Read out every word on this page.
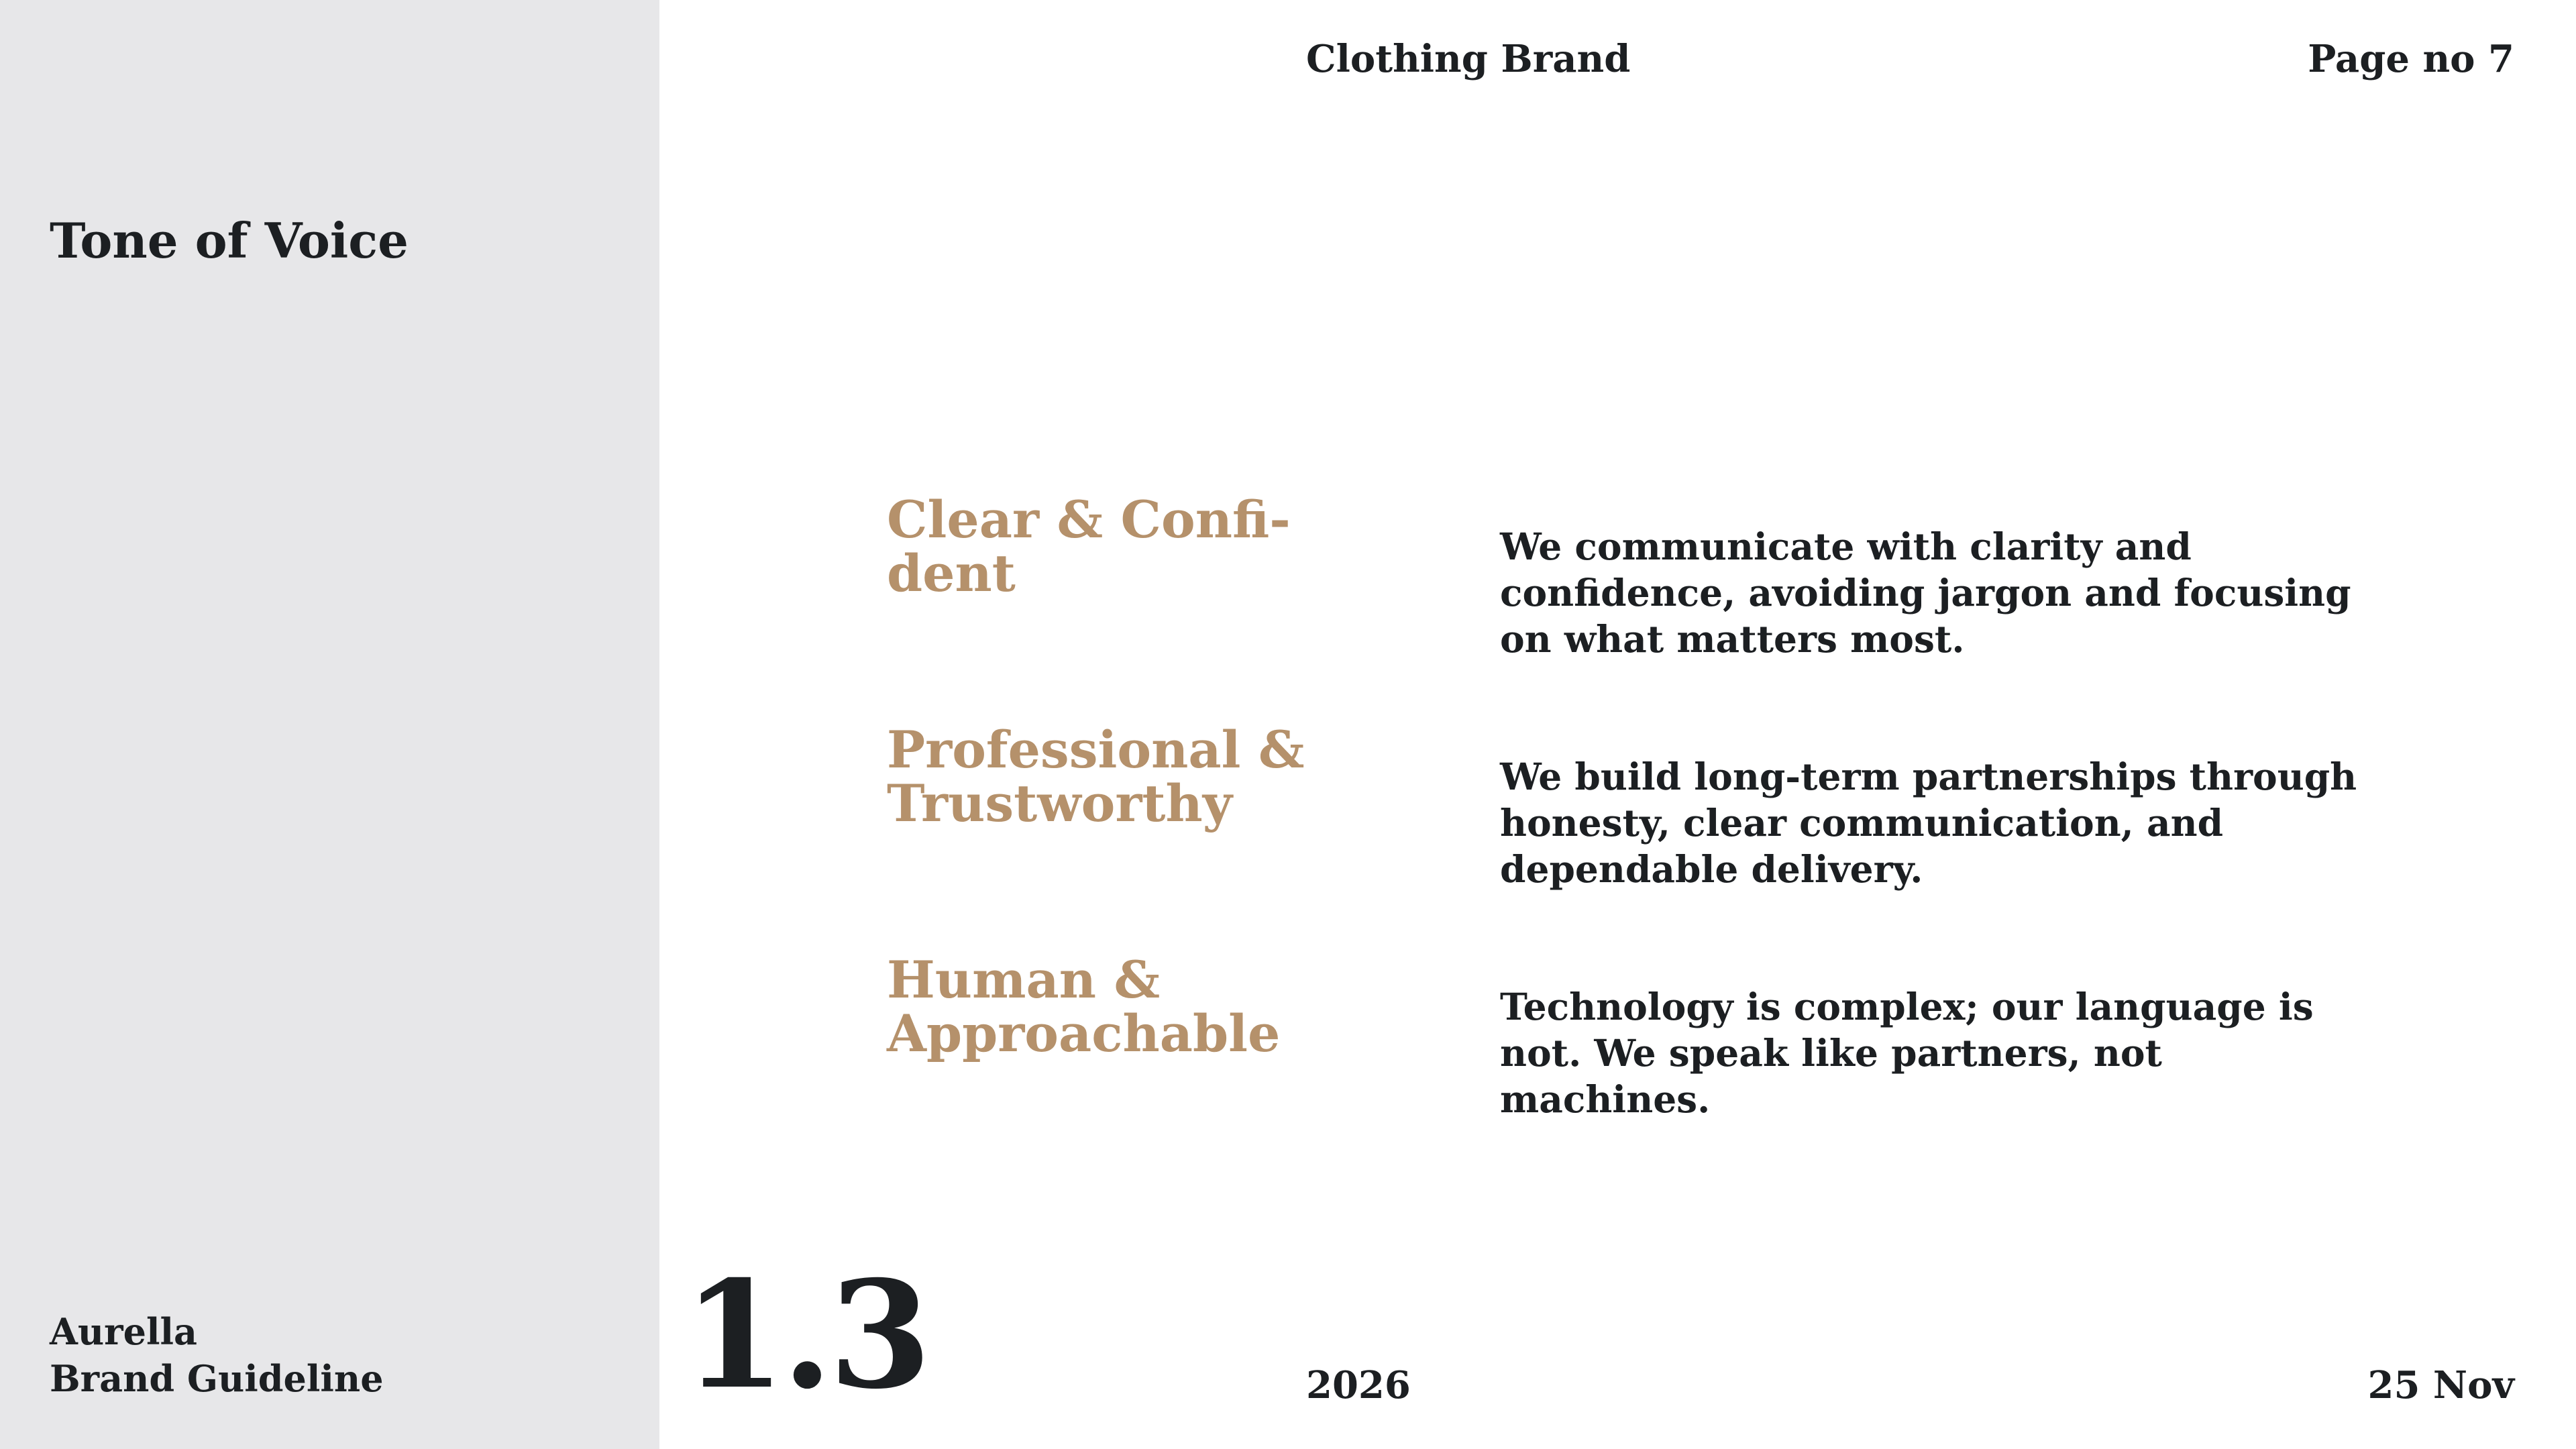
Tone of Voice
Aurella
Brand Guideline
Clothing Brand	Page no 7
Clear & Confi-
dent	We communicate with clarity and confidence, avoiding jargon and focusing on what matters most.
Professional & Trustworthy	We build long-term partnerships through honesty, clear communication, and dependable delivery.
Human & Approachable	Technology is complex; our language is not. We speak like partners, not machines.
1.3	2026	25 Nov
